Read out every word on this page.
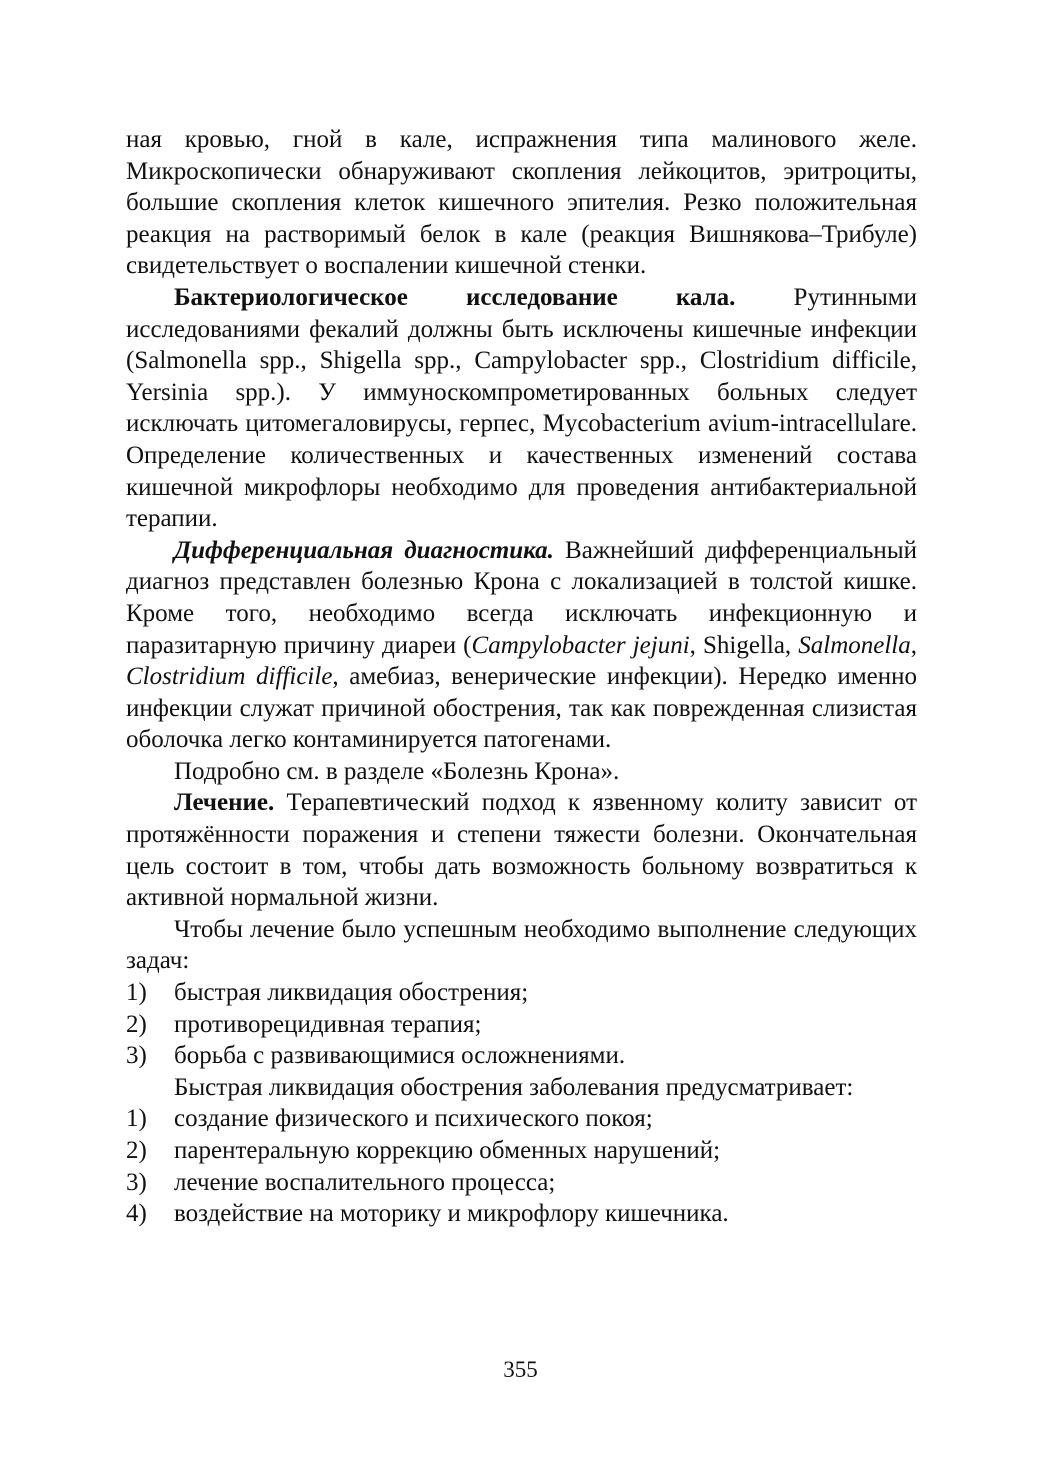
ная кровью, гной в кале, испражнения типа малинового желе. Микроскопически обнаруживают скопления лейкоцитов, эритроциты, большие скопления клеток кишечного эпителия. Резко положительная реакция на растворимый белок в кале (реакция Вишнякова–Трибуле) свидетельствует о воспалении кишечной стенки.

Бактериологическое исследование кала. Рутинными исследованиями фекалий должны быть исключены кишечные инфекции (Salmonella spp., Shigella spp., Campylobacter spp., Clostridium difficile, Yersinia spp.). У иммуноскомпрометированных больных следует исключать цитомегаловирусы, герпес, Mycobacterium avium-intracellulare. Определение количественных и качественных изменений состава кишечной микрофлоры необходимо для проведения антибактериальной терапии.

Дифференциальная диагностика. Важнейший дифференциальный диагноз представлен болезнью Крона с локализацией в толстой кишке. Кроме того, необходимо всегда исключать инфекционную и паразитарную причину диареи (Campylobacter jejuni, Shigella, Salmonella, Clostridium difficile, амебиаз, венерические инфекции). Нередко именно инфекции служат причиной обострения, так как поврежденная слизистая оболочка легко контаминируется патогенами.

Подробно см. в разделе «Болезнь Крона».

Лечение. Терапевтический подход к язвенному колиту зависит от протяжённости поражения и степени тяжести болезни. Окончательная цель состоит в том, чтобы дать возможность больному возвратиться к активной нормальной жизни.

Чтобы лечение было успешным необходимо выполнение следующих задач:

1)	быстрая ликвидация обострения;
2)	противорецидивная терапия;
3)	борьба с развивающимися осложнениями.

Быстрая ликвидация обострения заболевания предусматривает:

1)	создание физического и психического покоя;
2)	парентеральную коррекцию обменных нарушений;
3)	лечение воспалительного процесса;
4)	воздействие на моторику и микрофлору кишечника.
355
